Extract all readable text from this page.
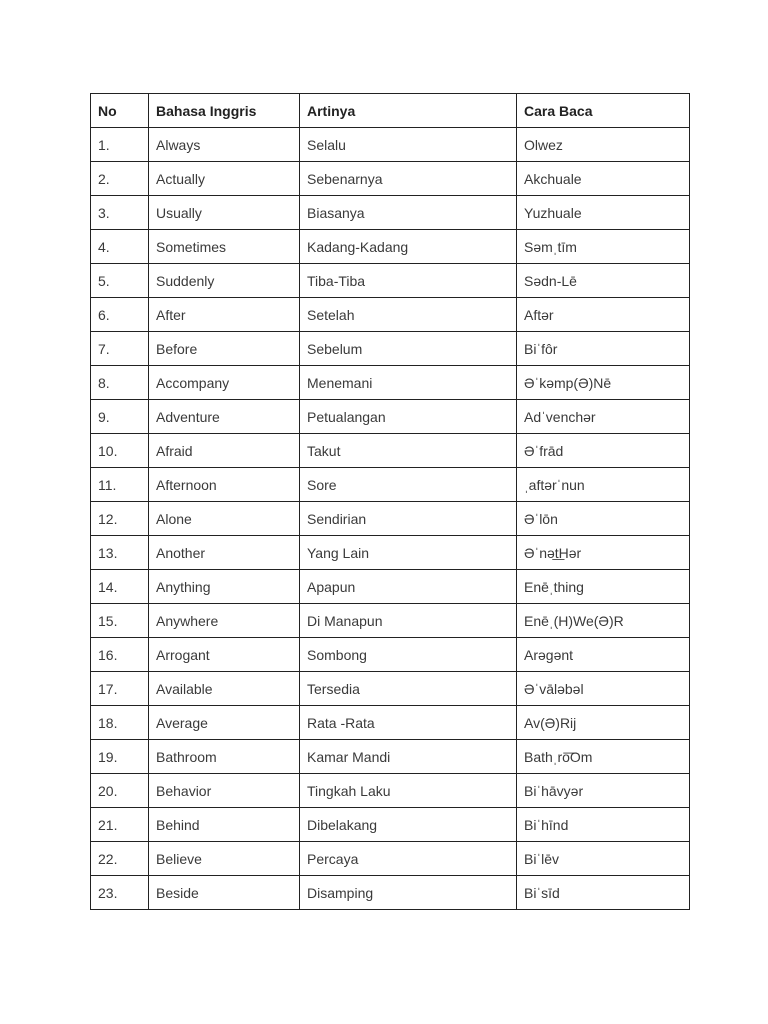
No	Bahasa Inggris	Artinya	Cara Baca
1.	Always	Selalu	Olwez
2.	Actually	Sebenarnya	Akchuale
3.	Usually	Biasanya	Yuzhuale
4.	Sometimes	Kadang-Kadang	Səmˌtīm
5.	Suddenly	Tiba-Tiba	Sədn-Lē
6.	After	Setelah	Aftər
7.	Before	Sebelum	Biˈfôr
8.	Accompany	Menemani	Əˈkəmp(Ə)Nē
9.	Adventure	Petualangan	Adˈvenchər
10.	Afraid	Takut	Əˈfrād
11.	Afternoon	Sore	ˌaftərˈnun
12.	Alone	Sendirian	Əˈlōn
13.	Another	Yang Lain	Əˈnət͟Hər
14.	Anything	Apapun	Enēˌthing
15.	Anywhere	Di Manapun	Enēˌ(H)We(Ə)R
16.	Arrogant	Sombong	Arəgənt
17.	Available	Tersedia	Əˈvāləbəl
18.	Average	Rata -Rata	Av(Ə)Rij
19.	Bathroom	Kamar Mandi	Bathˌro͞Om
20.	Behavior	Tingkah Laku	Biˈhāvyər
21.	Behind	Dibelakang	Biˈhīnd
22.	Believe	Percaya	Biˈlēv
23.	Beside	Disamping	Biˈsīd
